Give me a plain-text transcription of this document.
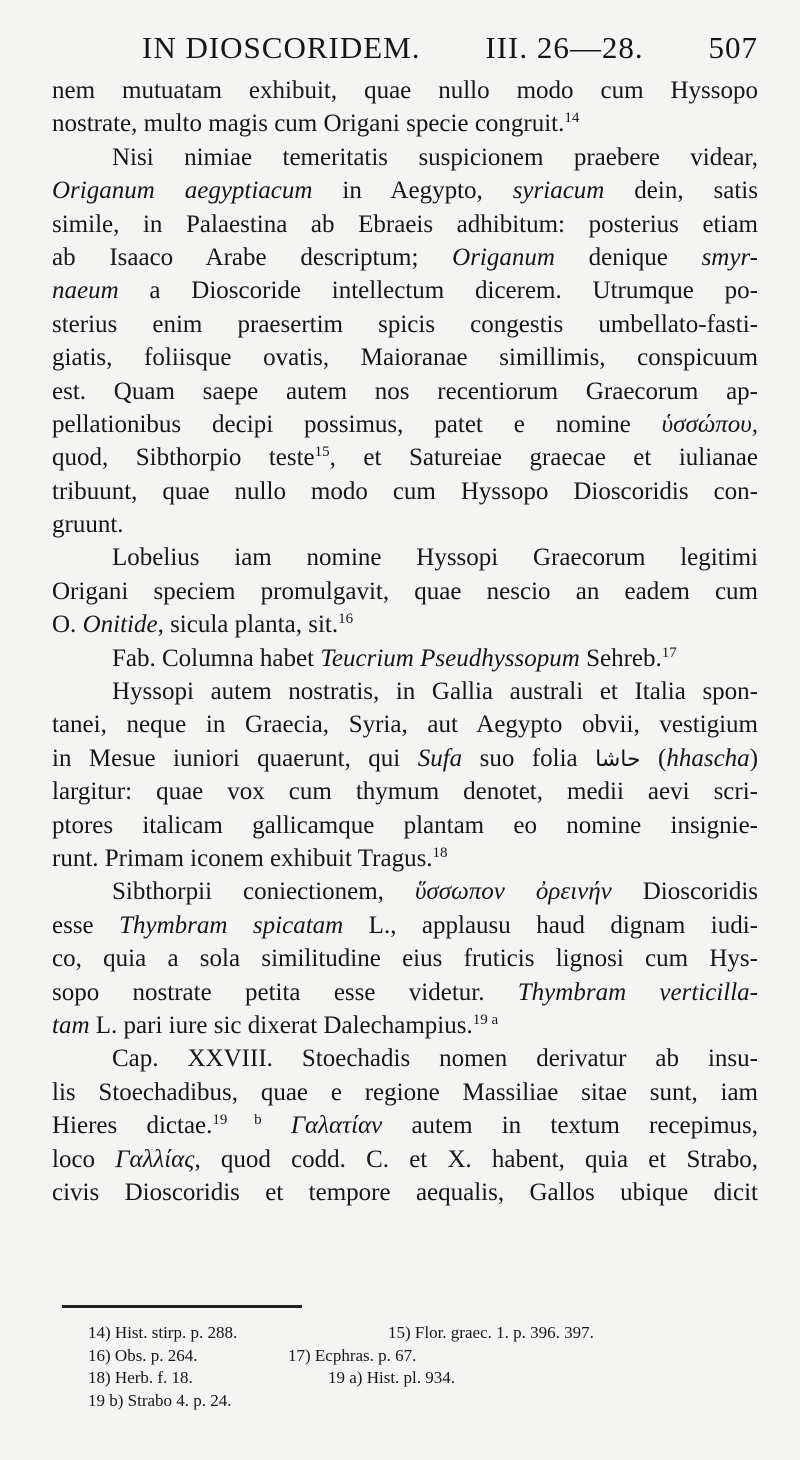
IN DIOSCORIDEM. III. 26—28. 507
nem mutuatam exhibuit, quae nullo modo cum Hyssopo
nostrate, multo magis cum Origani specie congruit.$^{14}$
Nisi nimiae temeritatis suspicionem praebere videar,
Origanum aegyptiacum in Aegypto, syriacum dein, satis
simile, in Palaestina ab Ebraeis adhibitum: posterius etiam
ab Isaaco Arabe descriptum; Origanum denique smyr-
naeum a Dioscoride intellectum dicerem. Utrumque po-
sterius enim praesertim spicis congestis umbellato-fasti-
giatis, foliisque ovatis, Maioranae simillimis, conspicuum
est. Quam saepe autem nos recentiorum Graecorum ap-
pellationibus decipi possimus, patet e nomine ὑσσώπου,
quod, Sibthorpio teste$^{15}$, et Satureiae graecae et iulianae
tribuunt, quae nullo modo cum Hyssopo Dioscoridis con-
gruunt.
Lobelius iam nomine Hyssopi Graecorum legitimi
Origani speciem promulgavit, quae nescio an eadem cum
O. Onitide, sicula planta, sit.$^{16}$
Fab. Columna habet Teucrium Pseudhyssopum Sehreb.$^{17}$
Hyssopi autem nostratis, in Gallia australi et Italia spon-
tanei, neque in Graecia, Syria, aut Aegypto obvii, vestigium
in Mesue iuniori quaerunt, qui Sufa suo folia حاشا (hhascha)
largitur: quae vox cum thymum denotet, medii aevi scri-
ptores italicam gallicamque plantam eo nomine insignie-
runt. Primam iconem exhibuit Tragus.$^{18}$
Sibthorpii coniectionem, ὕσσωπον ὀρεινήν Dioscoridis
esse Thymbram spicatam L., applausu haud dignam iudi-
co, quia a sola similitudine eius fruticis lignosi cum Hys-
sopo nostrate petita esse videtur. Thymbram verticilla-
tam L. pari iure sic dixerat Dalechampius.$^{19 a}$
Cap. XXVIII. Stoechadis nomen derivatur ab insu-
lis Stoechadibus, quae e regione Massiliae sitae sunt, iam
Hieres dictae.$^{19 b}$ Γαλατίαν autem in textum recepimus,
loco Γαλλίας, quod codd. C. et X. habent, quia et Strabo,
civis Dioscoridis et tempore aequalis, Gallos ubique dicit
14) Hist. stirp. p. 288.	15) Flor. graec. 1. p. 396. 397.
16) Obs. p. 264.	17) Ecphras. p. 67.
18) Herb. f. 18.	19 a) Hist. pl. 934.
19 b) Strabo 4. p. 24.
